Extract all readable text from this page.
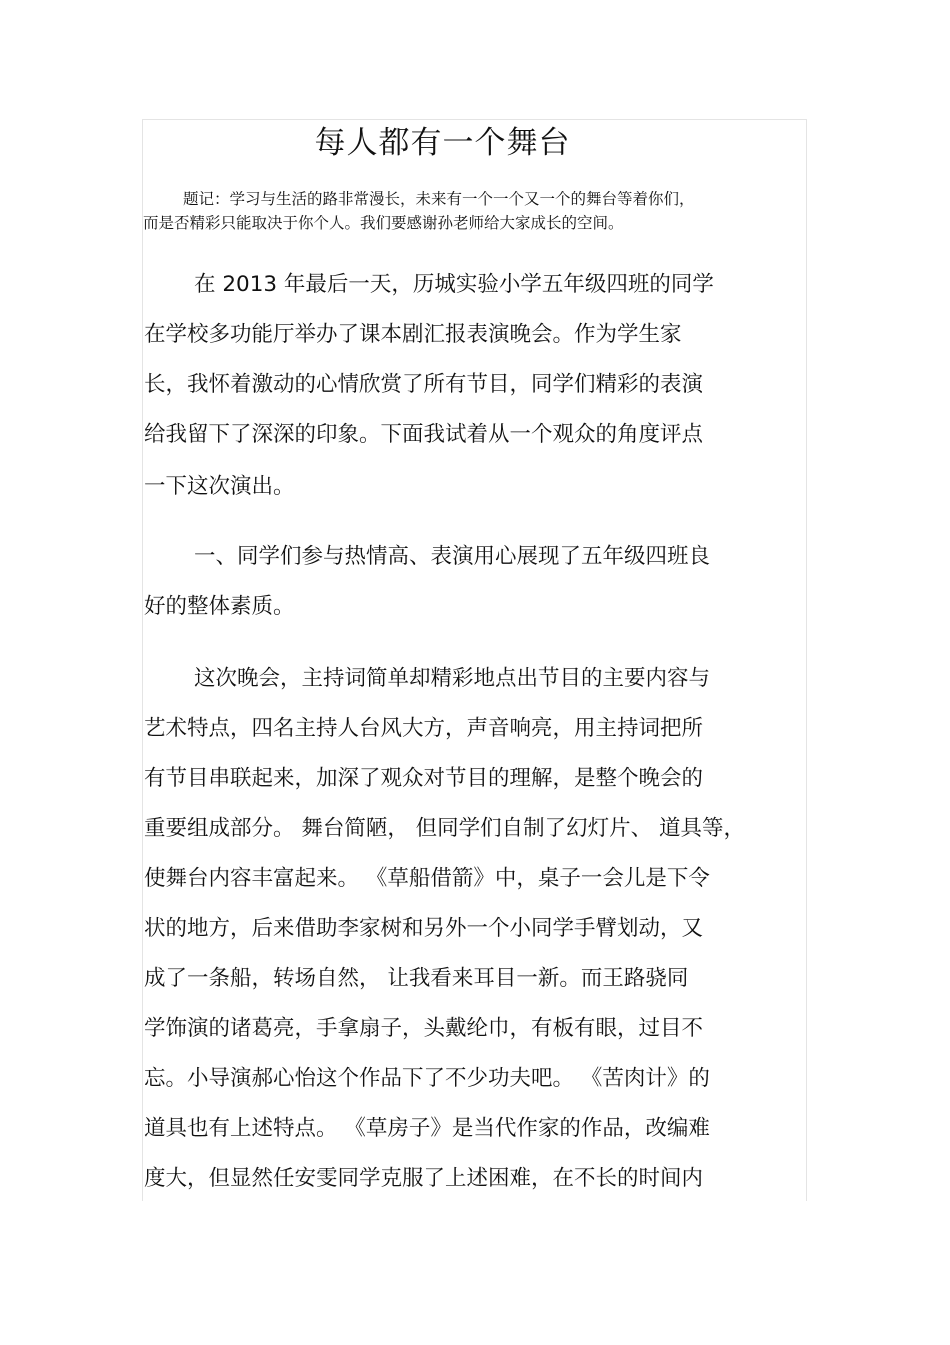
每人都有一个舞台
题记：学习与生活的路非常漫长，未来有一个一个又一个的舞台等着你们，
而是否精彩只能取决于你个人。我们要感谢孙老师给大家成长的空间。
在 2013 年最后一天，历城实验小学五年级四班的同学
在学校多功能厅举办了课本剧汇报表演晚会。作为学生家
长，我怀着激动的心情欣赏了所有节目，同学们精彩的表演
给我留下了深深的印象。下面我试着从一个观众的角度评点
一下这次演出。
一、同学们参与热情高、表演用心展现了五年级四班良
好的整体素质。
这次晚会，主持词简单却精彩地点出节目的主要内容与
艺术特点，四名主持人台风大方，声音响亮，用主持词把所
有节目串联起来，加深了观众对节目的理解，是整个晚会的
重要组成部分。 舞台简陋， 但同学们自制了幻灯片、 道具等，
使舞台内容丰富起来。 《草船借箭》中，桌子一会儿是下令
状的地方，后来借助李家树和另外一个小同学手臂划动，又
成了一条船，转场自然， 让我看来耳目一新。而王路骁同
学饰演的诸葛亮，手拿扇子，头戴纶巾，有板有眼，过目不
忘。小导演郝心怡这个作品下了不少功夫吧。 《苦肉计》的
道具也有上述特点。 《草房子》是当代作家的作品，改编难
度大，但显然任安雯同学克服了上述困难，在不长的时间内
